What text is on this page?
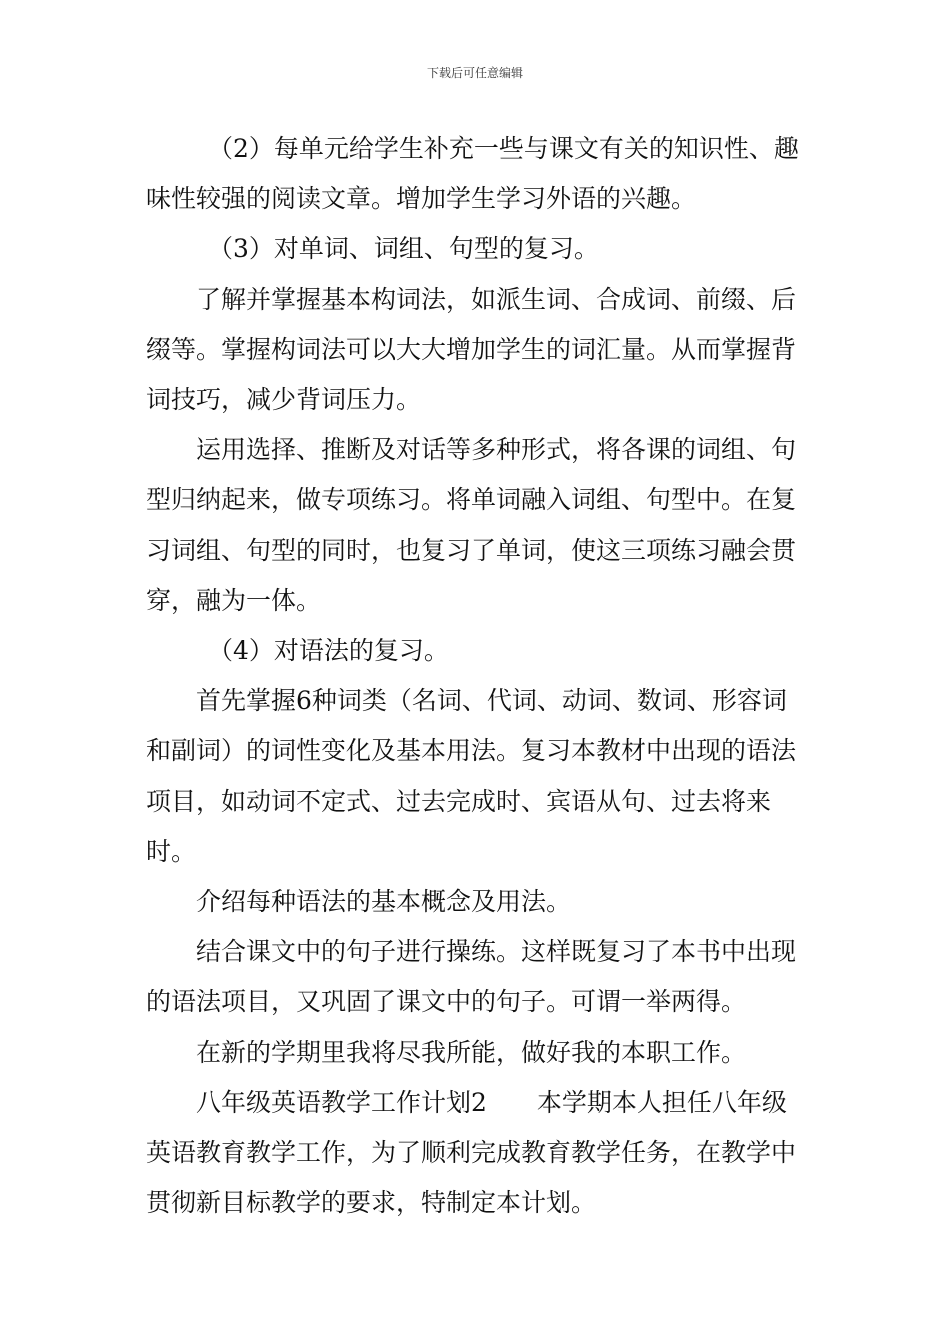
下载后可任意编辑

（2）每单元给学生补充一些与课文有关的知识性、趣味性较强的阅读文章。增加学生学习外语的兴趣。

（3）对单词、词组、句型的复习。

了解并掌握基本构词法，如派生词、合成词、前缀、后缀等。掌握构词法可以大大增加学生的词汇量。从而掌握背词技巧，减少背词压力。

运用选择、推断及对话等多种形式，将各课的词组、句型归纳起来，做专项练习。将单词融入词组、句型中。在复习词组、句型的同时，也复习了单词，使这三项练习融会贯穿，融为一体。

（4）对语法的复习。

首先掌握6种词类（名词、代词、动词、数词、形容词和副词）的词性变化及基本用法。复习本教材中出现的语法项目，如动词不定式、过去完成时、宾语从句、过去将来时。

介绍每种语法的基本概念及用法。

结合课文中的句子进行操练。这样既复习了本书中出现的语法项目，又巩固了课文中的句子。可谓一举两得。

在新的学期里我将尽我所能，做好我的本职工作。

八年级英语教学工作计划2　　本学期本人担任八年级英语教育教学工作，为了顺利完成教育教学任务，在教学中贯彻新目标教学的要求，特制定本计划。
